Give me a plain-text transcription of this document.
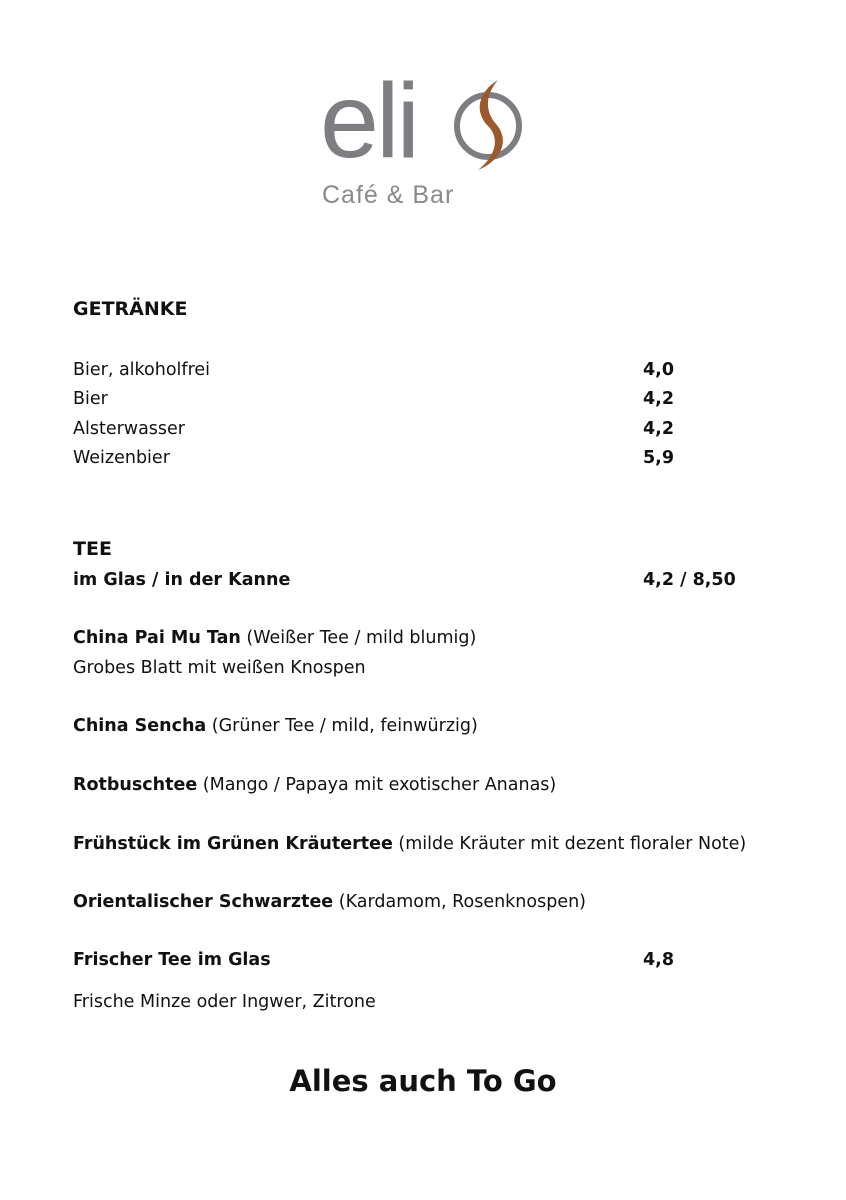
eli
Café & Bar
GETRÄNKE
Bier, alkoholfrei	4,0
Bier	4,2
Alsterwasser	4,2
Weizenbier	5,9
TEE
im Glas / in der Kanne	4,2 / 8,50
China Pai Mu Tan (Weißer Tee / mild blumig)
Grobes Blatt mit weißen Knospen
China Sencha (Grüner Tee / mild, feinwürzig)
Rotbuschtee (Mango / Papaya mit exotischer Ananas)
Frühstück im Grünen Kräutertee (milde Kräuter mit dezent floraler Note)
Orientalischer Schwarztee (Kardamom, Rosenknospen)
Frischer Tee im Glas	4,8
Frische Minze oder Ingwer, Zitrone
Alles auch To Go
